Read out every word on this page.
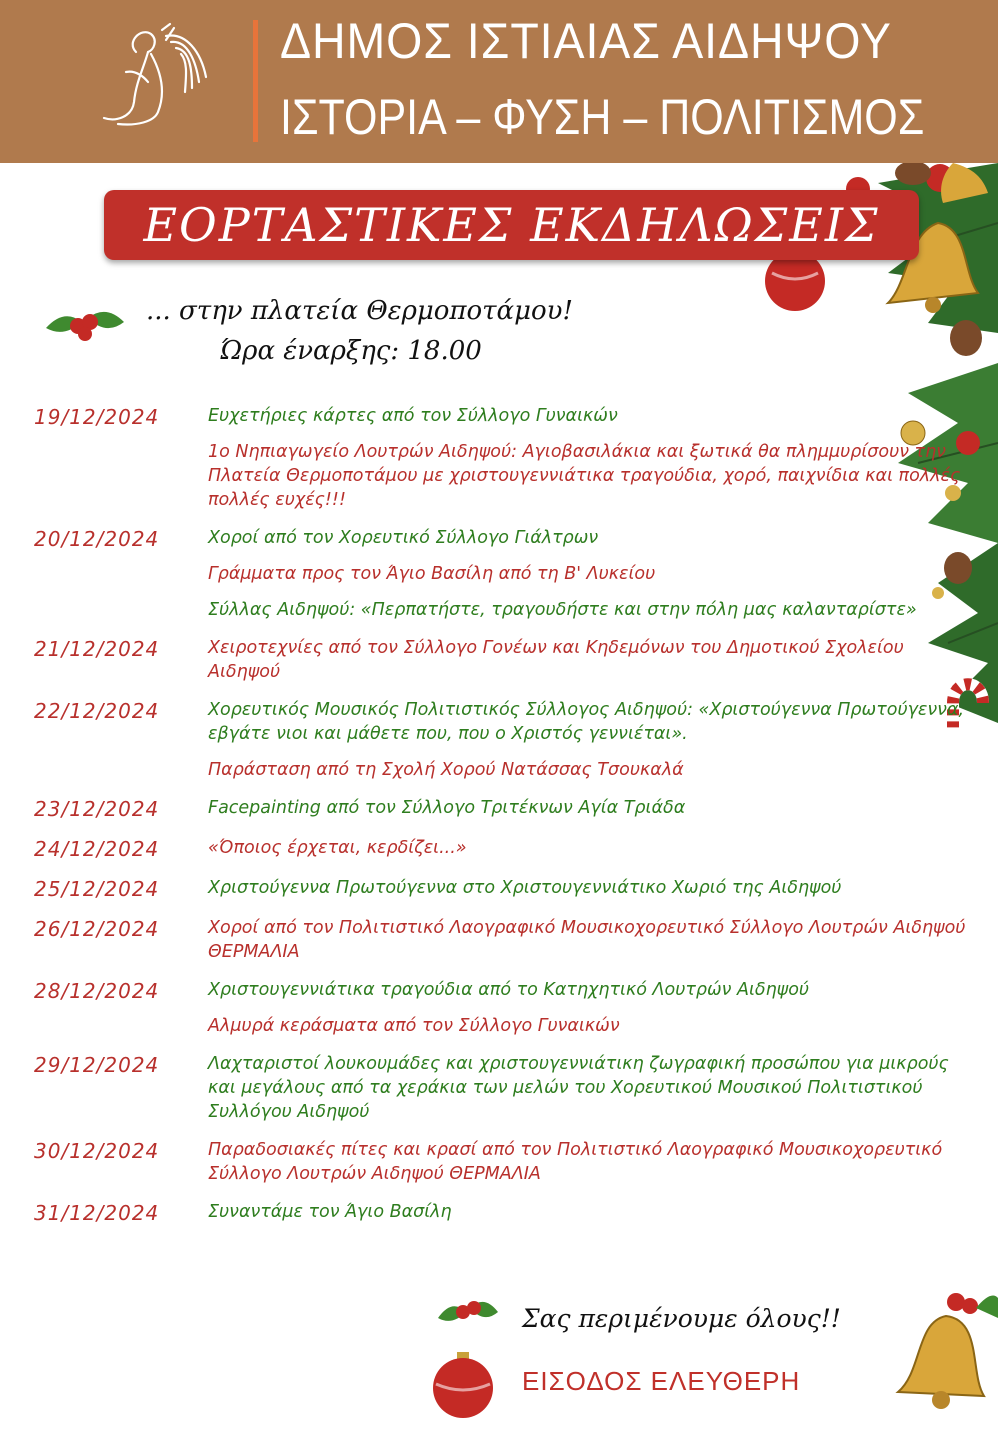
ΔΗΜΟΣ ΙΣΤΙΑΙΑΣ ΑΙΔΗΨΟΥ
ΙΣΤΟΡΙΑ – ΦΥΣΗ – ΠΟΛΙΤΙΣΜΟΣ
ΕΟΡΤΑΣΤΙΚΕΣ ΕΚΔΗΛΩΣΕΙΣ
... στην πλατεία Θερμοποτάμου!
Ώρα έναρξης: 18.00
19/12/2024	Ευχετήριες κάρτες από τον Σύλλογο Γυναικών
1ο Νηπιαγωγείο Λουτρών Αιδηψού: Αγιοβασιλάκια και ξωτικά θα πλημμυρίσουν την Πλατεία Θερμοποτάμου με χριστουγεννιάτικα τραγούδια, χορό, παιχνίδια και πολλές πολλές ευχές!!!
20/12/2024	Χοροί από τον Χορευτικό Σύλλογο Γιάλτρων
Γράμματα προς τον Άγιο Βασίλη από τη Β' Λυκείου
Σύλλας Αιδηψού: «Περπατήστε, τραγουδήστε και στην πόλη μας καλανταρίστε»
21/12/2024	Χειροτεχνίες από τον Σύλλογο Γονέων και Κηδεμόνων του Δημοτικού Σχολείου Αιδηψού
22/12/2024	Χορευτικός Μουσικός Πολιτιστικός Σύλλογος Αιδηψού: «Χριστούγεννα Πρωτούγεννα, εβγάτε νιοι και μάθετε που, που ο Χριστός γεννιέται».
Παράσταση από τη Σχολή Χορού Νατάσσας Τσουκαλά
23/12/2024	Facepainting από τον Σύλλογο Τριτέκνων Αγία Τριάδα
24/12/2024	«Όποιος έρχεται, κερδίζει...»
25/12/2024	Χριστούγεννα Πρωτούγεννα στο Χριστουγεννιάτικο Χωριό της Αιδηψού
26/12/2024	Χοροί από τον Πολιτιστικό Λαογραφικό Μουσικοχορευτικό Σύλλογο Λουτρών Αιδηψού ΘΕΡΜΑΛΙΑ
28/12/2024	Χριστουγεννιάτικα τραγούδια από το Κατηχητικό Λουτρών Αιδηψού
Αλμυρά κεράσματα από τον Σύλλογο Γυναικών
29/12/2024	Λαχταριστοί λουκουμάδες και χριστουγεννιάτικη ζωγραφική προσώπου για μικρούς και μεγάλους από τα χεράκια των μελών του Χορευτικού Μουσικού Πολιτιστικού Συλλόγου Αιδηψού
30/12/2024	Παραδοσιακές πίτες και κρασί από τον Πολιτιστικό Λαογραφικό Μουσικοχορευτικό Σύλλογο Λουτρών Αιδηψού ΘΕΡΜΑΛΙΑ
31/12/2024	Συναντάμε τον Άγιο Βασίλη
Σας περιμένουμε όλους!!
ΕΙΣΟΔΟΣ ΕΛΕΥΘΕΡΗ
